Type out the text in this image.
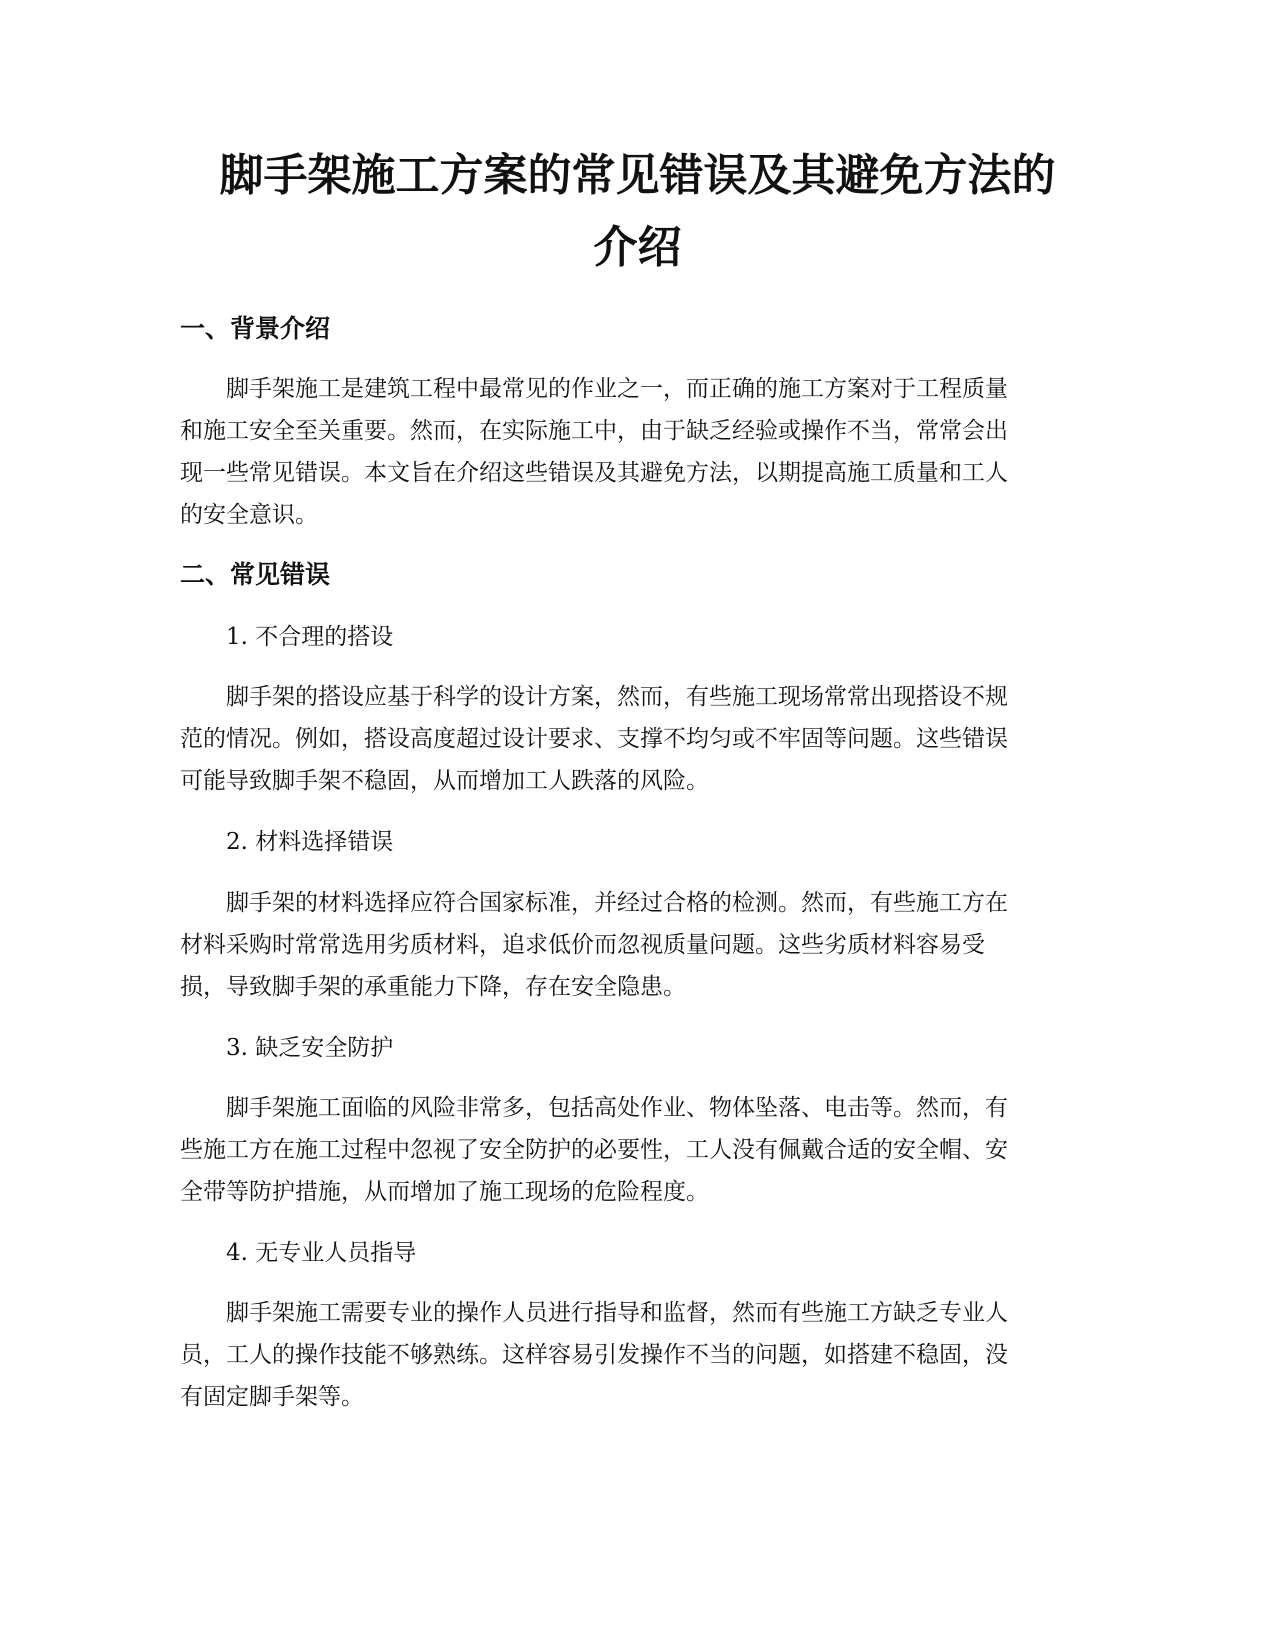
脚手架施工方案的常见错误及其避免方法的
介绍
一、背景介绍
脚手架施工是建筑工程中最常见的作业之一，而正确的施工方案对于工程质量
和施工安全至关重要。然而，在实际施工中，由于缺乏经验或操作不当，常常会出
现一些常见错误。本文旨在介绍这些错误及其避免方法，以期提高施工质量和工人
的安全意识。
二、常见错误

1. 不合理的搭设

脚手架的搭设应基于科学的设计方案，然而，有些施工现场常常出现搭设不规
范的情况。例如，搭设高度超过设计要求、支撑不均匀或不牢固等问题。这些错误
可能导致脚手架不稳固，从而增加工人跌落的风险。

2. 材料选择错误

脚手架的材料选择应符合国家标准，并经过合格的检测。然而，有些施工方在
材料采购时常常选用劣质材料，追求低价而忽视质量问题。这些劣质材料容易受
损，导致脚手架的承重能力下降，存在安全隐患。

3. 缺乏安全防护

脚手架施工面临的风险非常多，包括高处作业、物体坠落、电击等。然而，有
些施工方在施工过程中忽视了安全防护的必要性，工人没有佩戴合适的安全帽、安
全带等防护措施，从而增加了施工现场的危险程度。

4. 无专业人员指导

脚手架施工需要专业的操作人员进行指导和监督，然而有些施工方缺乏专业人
员，工人的操作技能不够熟练。这样容易引发操作不当的问题，如搭建不稳固，没
有固定脚手架等。
